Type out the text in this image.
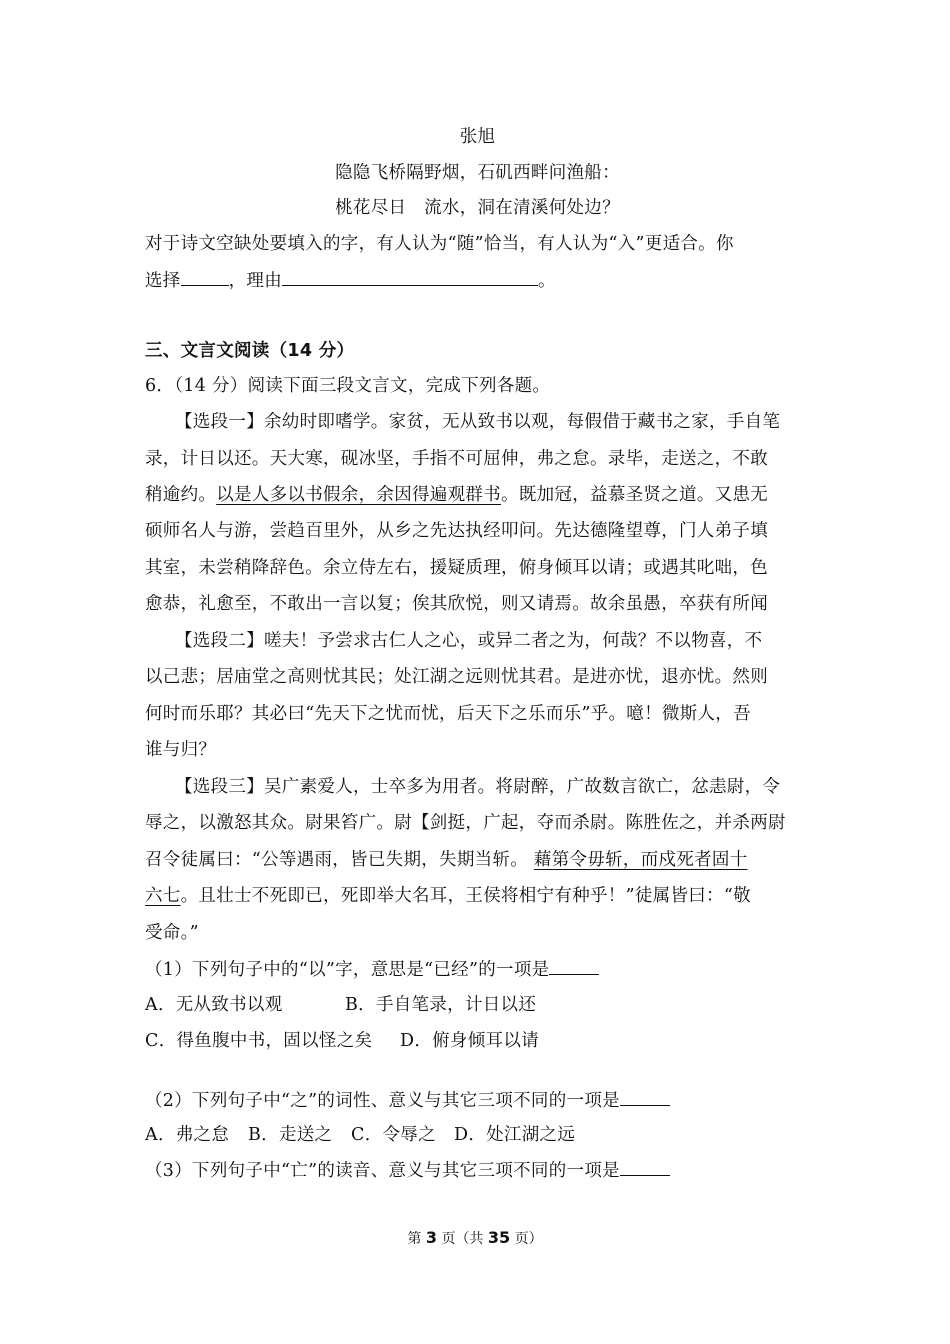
张旭
隐隐飞桥隔野烟，石矶西畔问渔船：
桃花尽日　流水，洞在清溪何处边？
对于诗文空缺处要填入的字，有人认为“随”恰当，有人认为“入”更适合。你
选择	，理由	。
三、文言文阅读（14 分）
6．（14 分）阅读下面三段文言文，完成下列各题。
【选段一】余幼时即嗜学。家贫，无从致书以观，每假借于藏书之家，手自笔
录，计日以还。天大寒，砚冰坚，手指不可屈伸，弗之怠。录毕，走送之，不敢
稍逾约。以是人多以书假余，余因得遍观群书。既加冠，益慕圣贤之道。又患无
硕师名人与游，尝趋百里外，从乡之先达执经叩问。先达德隆望尊，门人弟子填
其室，未尝稍降辞色。余立侍左右，援疑质理，俯身倾耳以请；或遇其叱咄，色
愈恭，礼愈至，不敢出一言以复；俟其欣悦，则又请焉。故余虽愚，卒获有所闻
【选段二】嗟夫！予尝求古仁人之心，或异二者之为，何哉？不以物喜，不
以己悲；居庙堂之高则忧其民；处江湖之远则忧其君。是进亦忧，退亦忧。然则
何时而乐耶？其必曰“先天下之忧而忧，后天下之乐而乐”乎。噫！微斯人，吾
谁与归？
【选段三】吴广素爱人，士卒多为用者。将尉醉，广故数言欲亡，忿恚尉，令
辱之，以激怒其众。尉果笞广。尉【剑挺，广起，夺而杀尉。陈胜佐之，并杀两尉
召令徒属曰：“公等遇雨，皆已失期，失期当斩。 藉第令毋斩，而戍死者固十
六七。且壮士不死即已，死即举大名耳，王侯将相宁有种乎！”徒属皆曰：“敬
受命。”
（1）下列句子中的“以”字，意思是“已经”的一项是
A．无从致书以观	B．手自笔录，计日以还
C．得鱼腹中书，固以怪之矣 D．俯身倾耳以请
（2）下列句子中“之”的词性、意义与其它三项不同的一项是
A．弗之怠 B．走送之 C．令辱之 D．处江湖之远
（3）下列句子中“亡”的读音、意义与其它三项不同的一项是
第 3 页（共 35 页）
